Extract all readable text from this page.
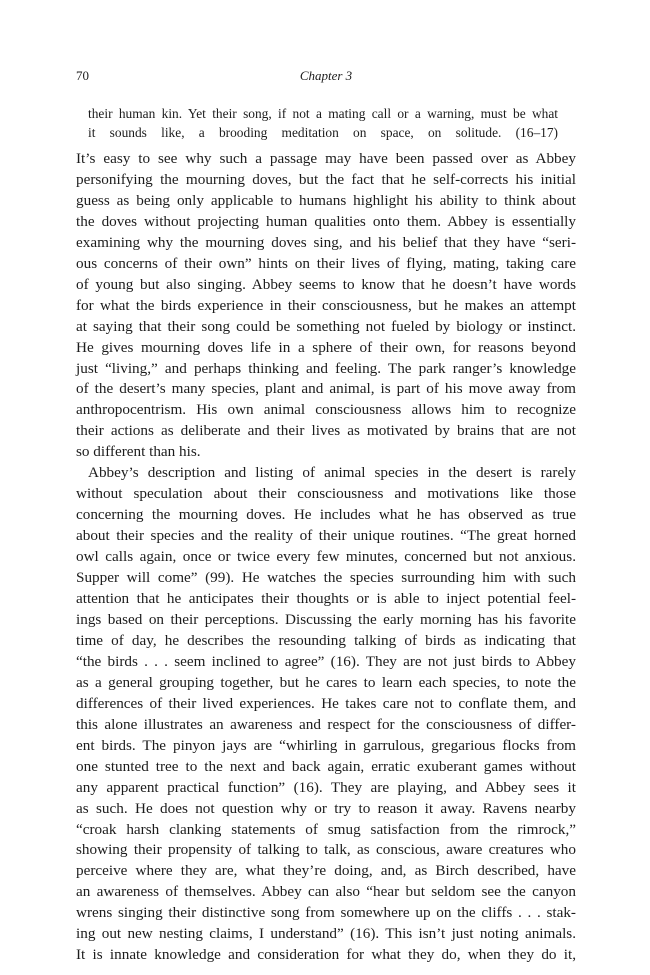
70	Chapter 3
their human kin. Yet their song, if not a mating call or a warning, must be what
it sounds like, a brooding meditation on space, on solitude. (16–17)
It’s easy to see why such a passage may have been passed over as Abbey
personifying the mourning doves, but the fact that he self-corrects his initial
guess as being only applicable to humans highlight his ability to think about
the doves without projecting human qualities onto them. Abbey is essentially
examining why the mourning doves sing, and his belief that they have “seri-
ous concerns of their own” hints on their lives of flying, mating, taking care
of young but also singing. Abbey seems to know that he doesn’t have words
for what the birds experience in their consciousness, but he makes an attempt
at saying that their song could be something not fueled by biology or instinct.
He gives mourning doves life in a sphere of their own, for reasons beyond
just “living,” and perhaps thinking and feeling. The park ranger’s knowledge
of the desert’s many species, plant and animal, is part of his move away from
anthropocentrism. His own animal consciousness allows him to recognize
their actions as deliberate and their lives as motivated by brains that are not
so different than his.
Abbey’s description and listing of animal species in the desert is rarely
without speculation about their consciousness and motivations like those
concerning the mourning doves. He includes what he has observed as true
about their species and the reality of their unique routines. “The great horned
owl calls again, once or twice every few minutes, concerned but not anxious.
Supper will come” (99). He watches the species surrounding him with such
attention that he anticipates their thoughts or is able to inject potential feel-
ings based on their perceptions. Discussing the early morning has his favorite
time of day, he describes the resounding talking of birds as indicating that
“the birds . . . seem inclined to agree” (16). They are not just birds to Abbey
as a general grouping together, but he cares to learn each species, to note the
differences of their lived experiences. He takes care not to conflate them, and
this alone illustrates an awareness and respect for the consciousness of differ-
ent birds. The pinyon jays are “whirling in garrulous, gregarious flocks from
one stunted tree to the next and back again, erratic exuberant games without
any apparent practical function” (16). They are playing, and Abbey sees it
as such. He does not question why or try to reason it away. Ravens nearby
“croak harsh clanking statements of smug satisfaction from the rimrock,”
showing their propensity of talking to talk, as conscious, aware creatures who
perceive where they are, what they’re doing, and, as Birch described, have
an awareness of themselves. Abbey can also “hear but seldom see the canyon
wrens singing their distinctive song from somewhere up on the cliffs . . . stak-
ing out new nesting claims, I understand” (16). This isn’t just noting animals.
It is innate knowledge and consideration for what they do, when they do it,
